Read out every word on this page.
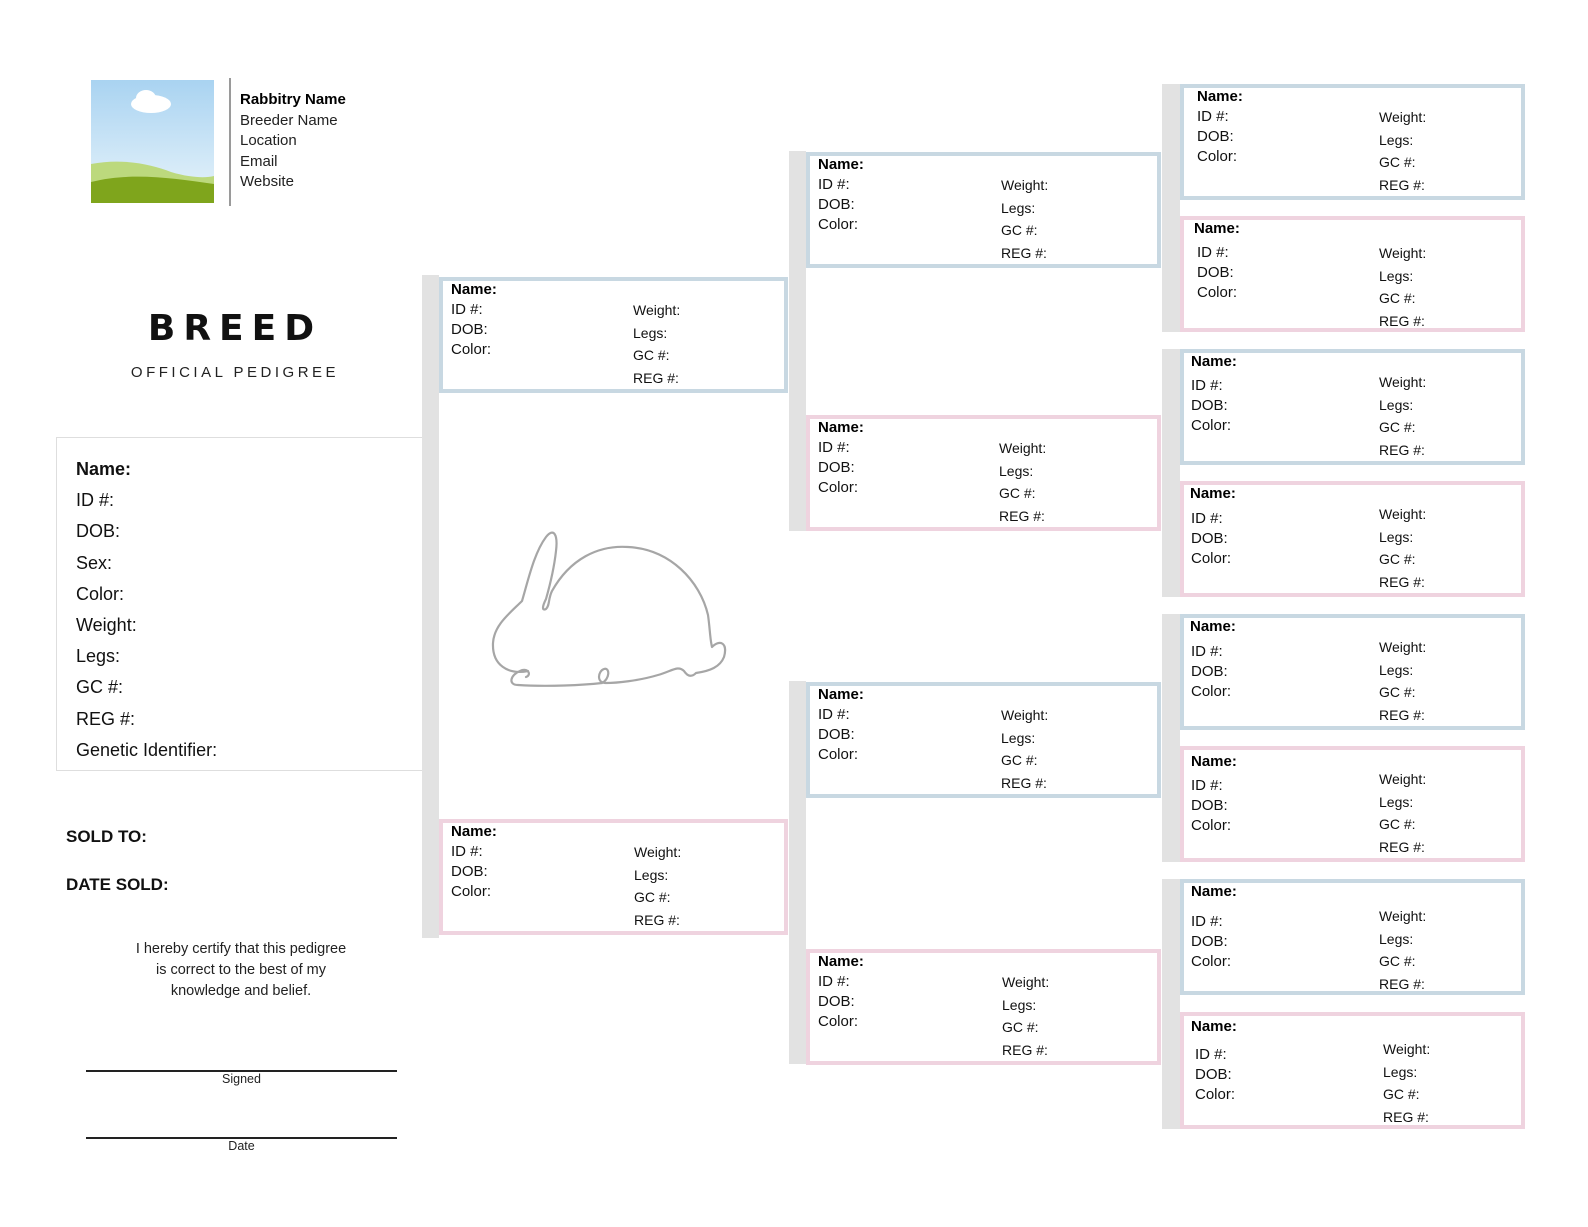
Rabbitry Name
Breeder Name
Location
Email
Website
BREED
OFFICIAL PEDIGREE
Name:
ID #:
DOB:
Sex:
Color:
Weight:
Legs:
GC #:
REG #:
Genetic Identifier:
SOLD TO:
DATE SOLD:
I hereby certify that this pedigree
is correct to the best of my
knowledge and belief.
Signed
Date
Name:
ID #:
DOB:
Color:
Weight:
Legs:
GC #:
REG #:
Name:
ID #:
DOB:
Color:
Weight:
Legs:
GC #:
REG #:
Name:
ID #:
DOB:
Color:
Weight:
Legs:
GC #:
REG #:
Name:
ID #:
DOB:
Color:
Weight:
Legs:
GC #:
REG #:
Name:
ID #:
DOB:
Color:
Weight:
Legs:
GC #:
REG #:
Name:
ID #:
DOB:
Color:
Weight:
Legs:
GC #:
REG #:
Name:
ID #:
DOB:
Color:
Weight:
Legs:
GC #:
REG #:
Name:
ID #:
DOB:
Color:
Weight:
Legs:
GC #:
REG #:
Name:
ID #:
DOB:
Color:
Weight:
Legs:
GC #:
REG #:
Name:
ID #:
DOB:
Color:
Weight:
Legs:
GC #:
REG #:
Name:
ID #:
DOB:
Color:
Weight:
Legs:
GC #:
REG #:
Name:
ID #:
DOB:
Color:
Weight:
Legs:
GC #:
REG #:
Name:
ID #:
DOB:
Color:
Weight:
Legs:
GC #:
REG #:
Name:
ID #:
DOB:
Color:
Weight:
Legs:
GC #:
REG #:
